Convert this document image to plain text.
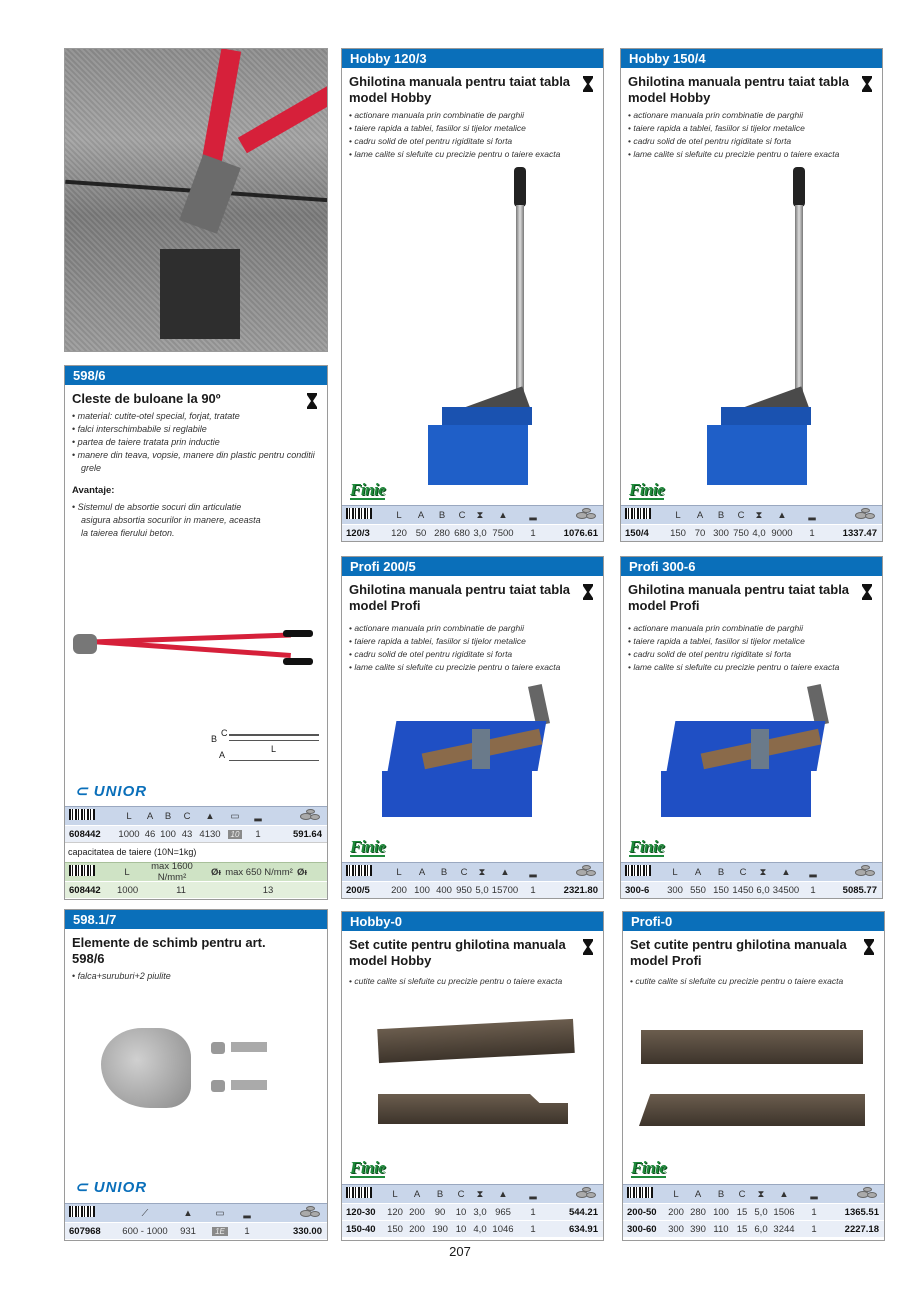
598/6
Cleste de buloane la 90º
• material: cutite-otel special, forjat, tratate
• falci interschimbabile si reglabile
• partea de taiere tratata prin inductie
• manere din teava, vopsie, manere din plastic pentru conditii grele
Avantaje:
• Sistemul de absortie socuri din articulatie asigura absortia socurilor in manere, aceasta la taierea fierului beton.
B
C
A
L
⊂ UNIOR
L	A	B	C	▲	▭	▂
608442	1000 46 100 43 4130	10	1	591.64
capacitatea de taiere (10N=1kg)
L	max 1600 N/mm²	Øᵻ max 650 N/mm² Øᵻ
608442	1000	11	13
598.1/7
Elemente de schimb pentru art. 598/6
• falca+suruburi+2 piulite
⊂ UNIOR
⟋	▲	▭	▂
607968	600 - 1000	931	1E	1	330.00
Hobby 120/3
Ghilotina manuala pentru taiat tabla model Hobby
• actionare manuala prin combinatie de parghii
• taiere rapida a tablei, fasiilor si tijelor metalice
• cadru solid de otel pentru rigiditate si forta
• lame calite si slefuite cu precizie pentru o taiere exacta
Finie
L	A	B	C	⧗	▲	▂
120/3	120 50 280 680 3,0 7500	1	1076.61
Hobby 150/4
Ghilotina manuala pentru taiat tabla model Hobby
• actionare manuala prin combinatie de parghii
• taiere rapida a tablei, fasiilor si tijelor metalice
• cadru solid de otel pentru rigiditate si forta
• lame calite si slefuite cu precizie pentru o taiere exacta
Finie
L	A	B	C	⧗	▲	▂
150/4	150 70 300 750 4,0 9000	1	1337.47
Profi 200/5
Ghilotina manuala pentru taiat tabla model Profi
• actionare manuala prin combinatie de parghii
• taiere rapida a tablei, fasiilor si tijelor metalice
• cadru solid de otel pentru rigiditate si forta
• lame calite si slefuite cu precizie pentru o taiere exacta
Finie
L	A	B	C	⧗	▲	▂
200/5	200 100 400 950 5,0 15700	1	2321.80
Profi 300-6
Ghilotina manuala pentru taiat tabla model Profi
• actionare manuala prin combinatie de parghii
• taiere rapida a tablei, fasiilor si tijelor metalice
• cadru solid de otel pentru rigiditate si forta
• lame calite si slefuite cu precizie pentru o taiere exacta
Finie
L	A	B	C	⧗	▲	▂
300-6	300 550 150 1450 6,0 34500	1	5085.77
Hobby-0
Set cutite pentru ghilotina manuala model Hobby
• cutite calite si slefuite cu precizie pentru o taiere exacta
Finie
L	A	B	C	⧗	▲	▂
120-30	120 200	90	10 3,0 965	1	544.21
150-40	150 200 190 10 4,0 1046	1	634.91
Profi-0
Set cutite pentru ghilotina manuala model Profi
• cutite calite si slefuite cu precizie pentru o taiere exacta
Finie
L	A	B	C	⧗	▲	▂
200-50	200 280 100 15 5,0 1506	1	1365.51
300-60	300 390 110 15 6,0 3244	1	2227.18
207
